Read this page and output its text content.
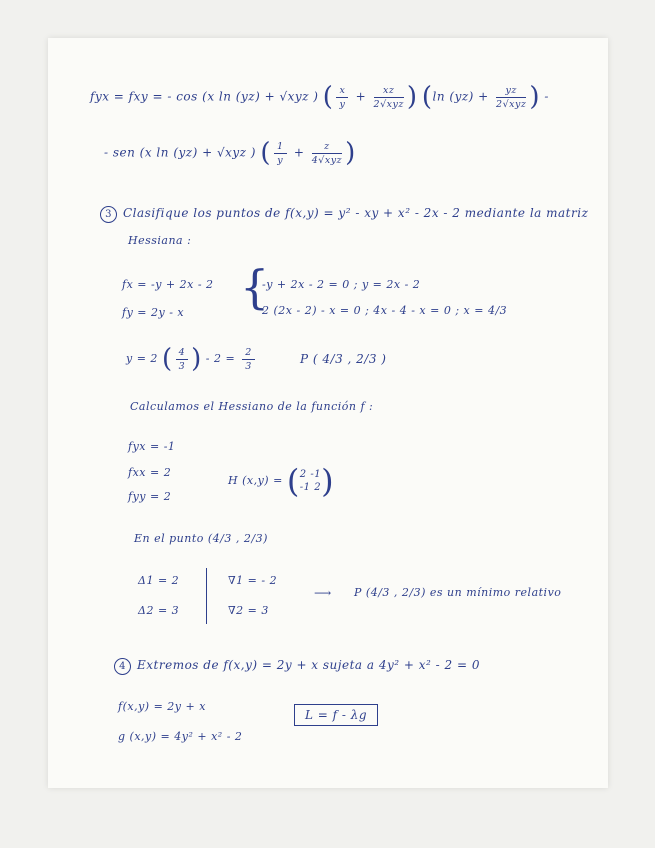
fyx = fxy = - cos (x ln (yz) + √xyz ) ( $\frac{x}{y} + \frac{xz}{\text{2√xyz}}$ ) (ln $(yz) + \frac{yz}{\text{2√xyz}}$ ) -
- sen (x ln (yz) + √xyz ) ( $\frac{1}{y} + \frac{z}{\text{4√xyz}}$ )
3 Clasifique los puntos de f(x,y) = y² - xy + x² - 2x - 2 mediante la matriz
Hessiana :
fx = -y + 2x - 2
fy = 2y - x {
-y + 2x - 2 = 0 ; y = 2x - 2
2 (2x - 2) - x = 0 ; 4x - 4 - x = 0 ; x = 4/3
y = 2 ( $\frac{4}{3}$ ) - $2 = \frac{2}{3}$	P ( 4/3 , 2/3 )
Calculamos el Hessiano de la función f :
fyx = -1
fxx = 2
fyy = 2
H (x,y) = (2 -1
-1 2)
En el punto (4/3 , 2/3)
Δ1 = 2
Δ2 = 3
∇1 = - 2
∇2 = 3
⟶ P (4/3 , 2/3) es un mínimo relativo
4 Extremos de f(x,y) = 2y + x sujeta a 4y² + x² - 2 = 0
f(x,y) = 2y + x
g (x,y) = 4y² + x² - 2
L = f - λg
